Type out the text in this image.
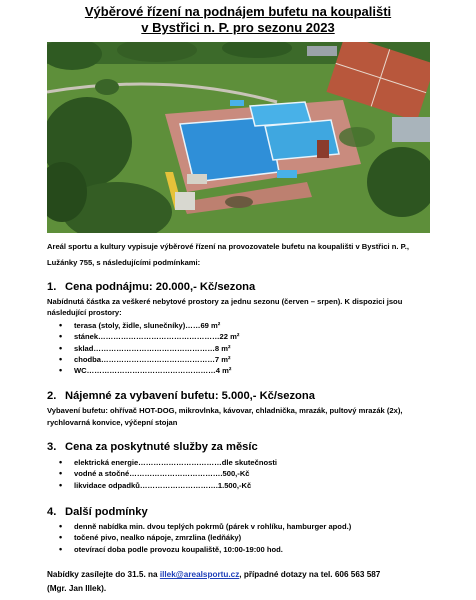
Výběrové řízení na podnájem bufetu na koupališti
v Bystřici n. P. pro sezonu 2023
Areál sportu a kultury vypisuje výběrové řízení na provozovatele bufetu na koupališti v Bystřici n. P.,
Lužánky 755, s následujícími podmínkami:
1. Cena podnájmu: 20.000,- Kč/sezona
Nabídnutá částka za veškeré nebytové prostory za jednu sezonu (červen – srpen). K dispozici jsou
následující prostory:
• terasa (stoly, židle, slunečníky)……69 m²
• stánek…………………………………………22 m²
• sklad…………………………………………8 m²
• chodba………………………………………7 m²
• WC……………………………………………4 m²
2. Nájemné za vybavení bufetu: 5.000,- Kč/sezona
Vybavení bufetu: ohřívač HOT-DOG, mikrovlnka, kávovar, chladnička, mrazák, pultový mrazák (2x),
rychlovarná konvice, výčepní stojan
3. Cena za poskytnuté služby za měsíc
• elektrická energie……………………………dle skutečnosti
• vodné a stočné……………………………….500,-Kč
• likvidace odpadků………………………….1.500,-Kč
4. Další podmínky
• denně nabídka min. dvou teplých pokrmů (párek v rohlíku, hamburger apod.)
• točené pivo, nealko nápoje, zmrzlina (ledňáky)
• otevírací doba podle provozu koupaliště, 10:00-19:00 hod.
Nabídky zasílejte do 31.5. na illek@arealsportu.cz, případné dotazy na tel. 606 563 587
(Mgr. Jan Illek).
